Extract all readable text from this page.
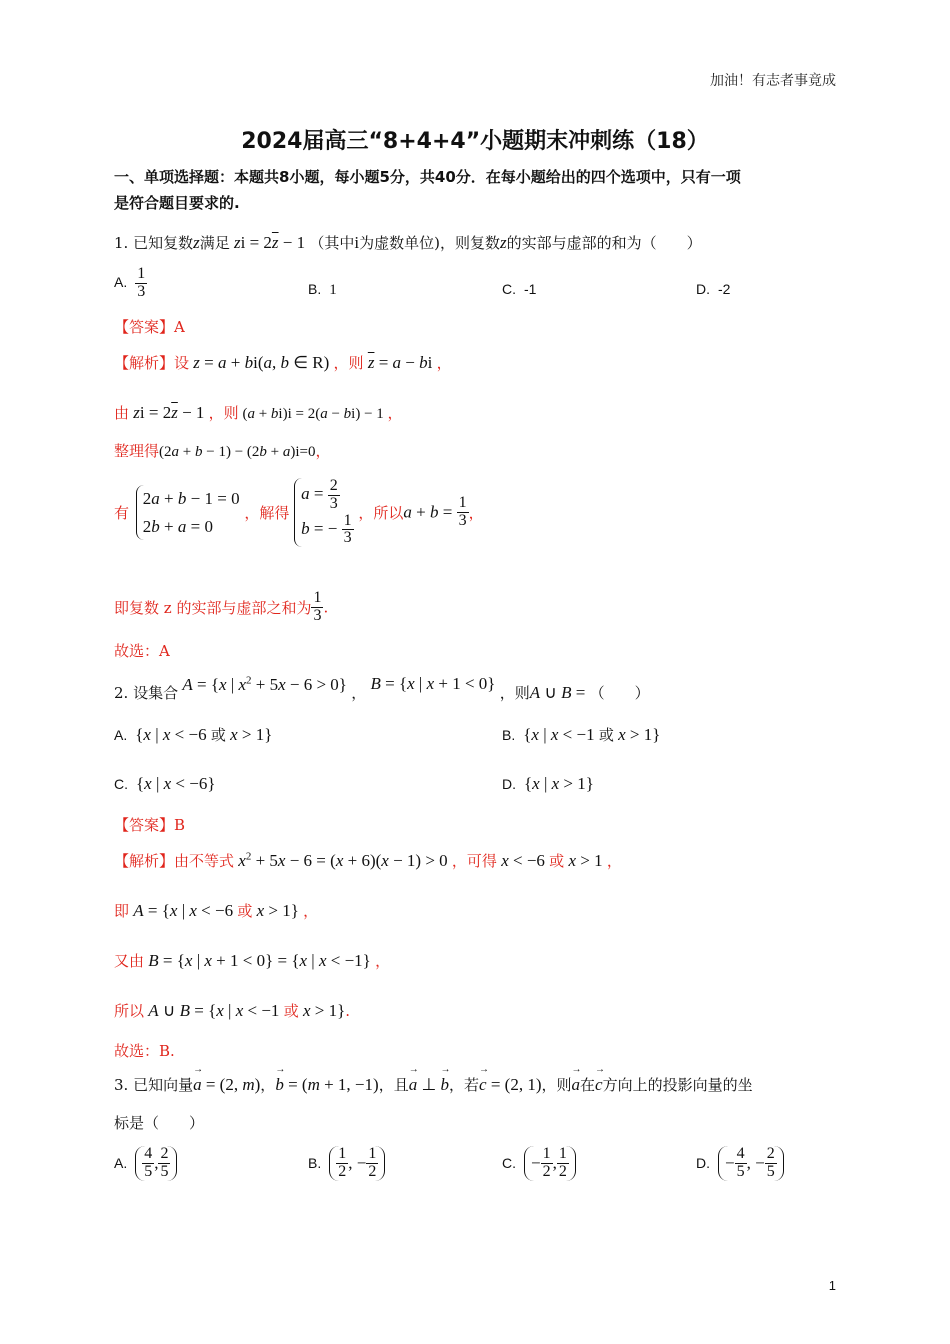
加油！有志者事竟成
2024届高三“8+4+4”小题期末冲刺练（18）
一、单项选择题：本题共8小题，每小题5分，共40分．在每小题给出的四个选项中，只有一项
是符合题目要求的.
1. 已知复数z满足 zi = $2\overline{z} - 1$ （其中i为虚数单位)，则复数z的实部与虚部的和为（　　）
A. $\frac{1}{3}$	B. 1	C. -1	D. -2
【答案】A
【解析】设 z = a + bi(a, b ∈ R) ，则 $\overline{z} = a$ − bi ，
由 zi = $2\overline{z} - 1$ ，则 (a + bi)i = 2(a − bi) − 1 ，
整理得(2a + b − 1) − (2b + a)i=0，
有
2a + b − 1 = 0
2b + a = 0
，解得
$a = \frac{2}{3}$
b = − $\frac{1}{3}$ ，所以$a + b = \frac{1}{3}$ ，
即复数 z 的实部与虚部之和为 $\frac{1}{3}$ .
故选：A
2. 设集合 A = {x | $x^2 + 5x - 6 > 0$} ， B = {x | x + 1 < 0} ，则A ∪ B = （　　）
A. {x | x < −6 或 x > 1}	B. {x | x < −1 或 x > 1}
C. {x | x < −6}	D. {x | x > 1}
【答案】B
【解析】由不等式 $x^2 + 5x - 6 = (x + 6)(x - 1) > 0$ ，可得 x < −6 或 x > 1 ，
即 A = {x | x < −6 或 x > 1} ，
又由 B = {x | x + 1 < 0} = {x | x < −1} ，
所以 A ∪ B = {x | x < −1 或 x > 1}.
故选：B.
3. 已知向量→ a = (2, m)，→ b = (m + 1, −1)，且→ a ⊥ → b，若→ c = (2, 1)，则→ a在→ c方向上的投影向量的坐
标是（　　）
A. $\frac{4}{5}$ , $\frac{2}{5}$	B. $\frac{1}{2}$ , − $\frac{1}{2}$	C. − $\frac{1}{2}$ , $\frac{1}{2}$	D. − $\frac{4}{5}$ , − $\frac{2}{5}$
1
